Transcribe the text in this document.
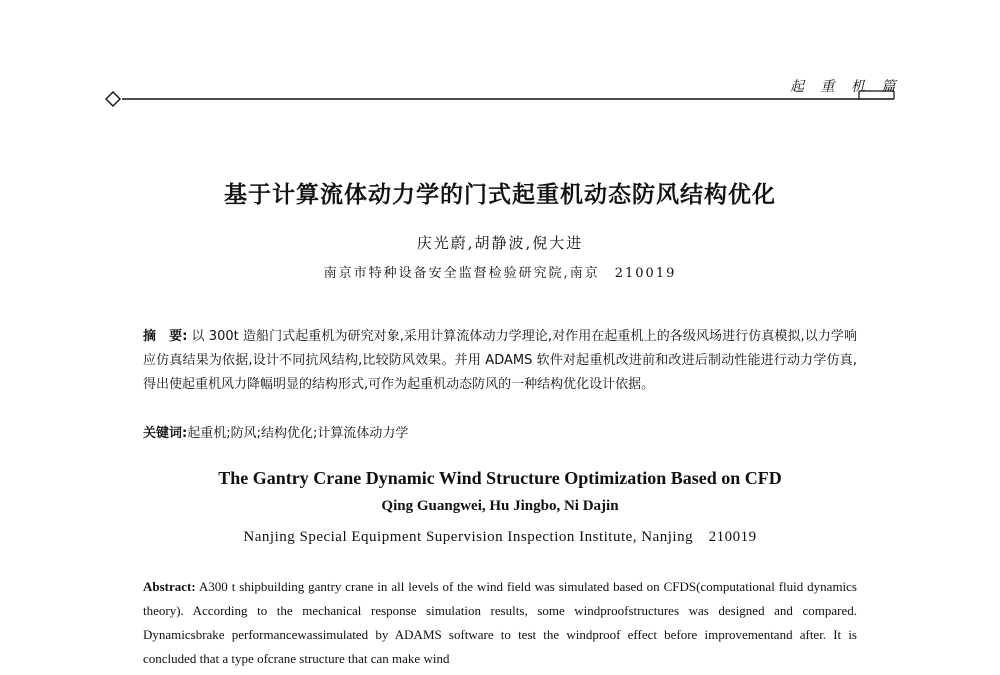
起 重 机 篇
基于计算流体动力学的门式起重机动态防风结构优化
庆光蔚,胡静波,倪大进
南京市特种设备安全监督检验研究院,南京　210019
摘　要: 以 300t 造船门式起重机为研究对象,采用计算流体动力学理论,对作用在起重机上的各级风场进行仿真模拟,以力学响应仿真结果为依据,设计不同抗风结构,比较防风效果。并用 ADAMS 软件对起重机改进前和改进后制动性能进行动力学仿真,得出使起重机风力降幅明显的结构形式,可作为起重机动态防风的一种结构优化设计依据。
关键词:起重机;防风;结构优化;计算流体动力学
The Gantry Crane Dynamic Wind Structure Optimization Based on CFD
Qing Guangwei, Hu Jingbo, Ni Dajin
Nanjing Special Equipment Supervision Inspection Institute, Nanjing　210019
Abstract: A300 t shipbuilding gantry crane in all levels of the wind field was simulated based on CFDS(computational fluid dynamics theory). According to the mechanical response simulation results, some windproofstructures was designed and compared. Dynamicsbrake performancewassimulated by ADAMS software to test the windproof effect before improvementand after. It is concluded that a type ofcrane structure that can make wind
